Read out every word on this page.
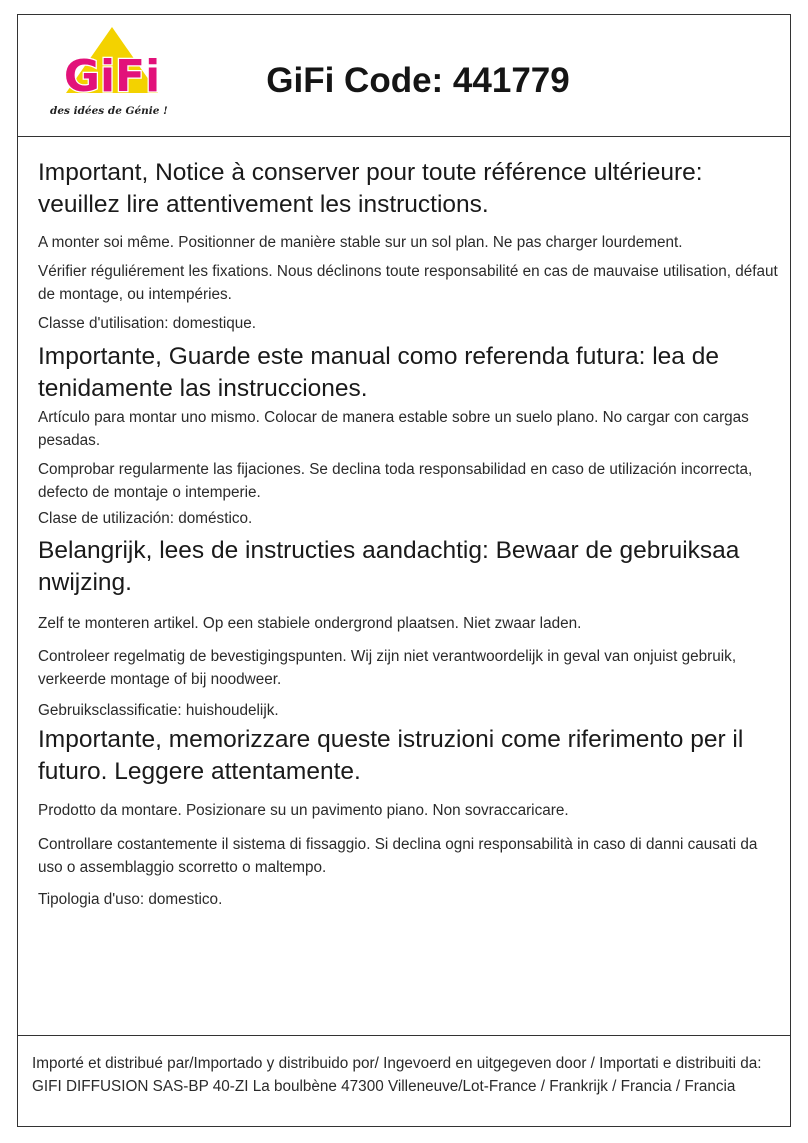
GiFi
des idées de Génie !
GiFi Code: 441779
Important, Notice à conserver pour toute référence ultérieure: veuillez lire attentivement les instructions.

A monter soi même. Positionner de manière stable sur un sol plan. Ne pas charger lourdement.

Vérifier réguliérement les fixations. Nous déclinons toute responsabilité en cas de mauvaise utilisation, défaut de montage, ou intempéries.

Classe d'utilisation: domestique.

Importante, Guarde este manual como referenda futura: lea de tenidamente las instrucciones.

Artículo para montar uno mismo. Colocar de manera estable sobre un suelo plano. No cargar con cargas pesadas.

Comprobar regularmente las fijaciones. Se declina toda responsabilidad en caso de utilización incorrecta, defecto de montaje o intemperie.

Clase de utilización: doméstico.

Belangrijk, lees de instructies aandachtig: Bewaar de gebruiksaa nwijzing.

Zelf te monteren artikel. Op een stabiele ondergrond plaatsen. Niet zwaar laden.

Controleer regelmatig de bevestigingspunten. Wij zijn niet verantwoordelijk in geval van onjuist gebruik, verkeerde montage of bij noodweer.

Gebruiksclassificatie: huishoudelijk.

Importante, memorizzare queste istruzioni come riferimento per il futuro. Leggere attentamente.

Prodotto da montare. Posizionare su un pavimento piano. Non sovraccaricare.

Controllare costantemente il sistema di fissaggio. Si declina ogni responsabilità in caso di danni causati da uso o assemblaggio scorretto o maltempo.

Tipologia d'uso: domestico.

Importé et distribué par/Importado y distribuido por/ Ingevoerd en uitgegeven door / Importati e distribuiti da: GIFI DIFFUSION SAS-BP 40-ZI La boulbène 47300 Villeneuve/Lot-France / Frankrijk / Francia / Francia
